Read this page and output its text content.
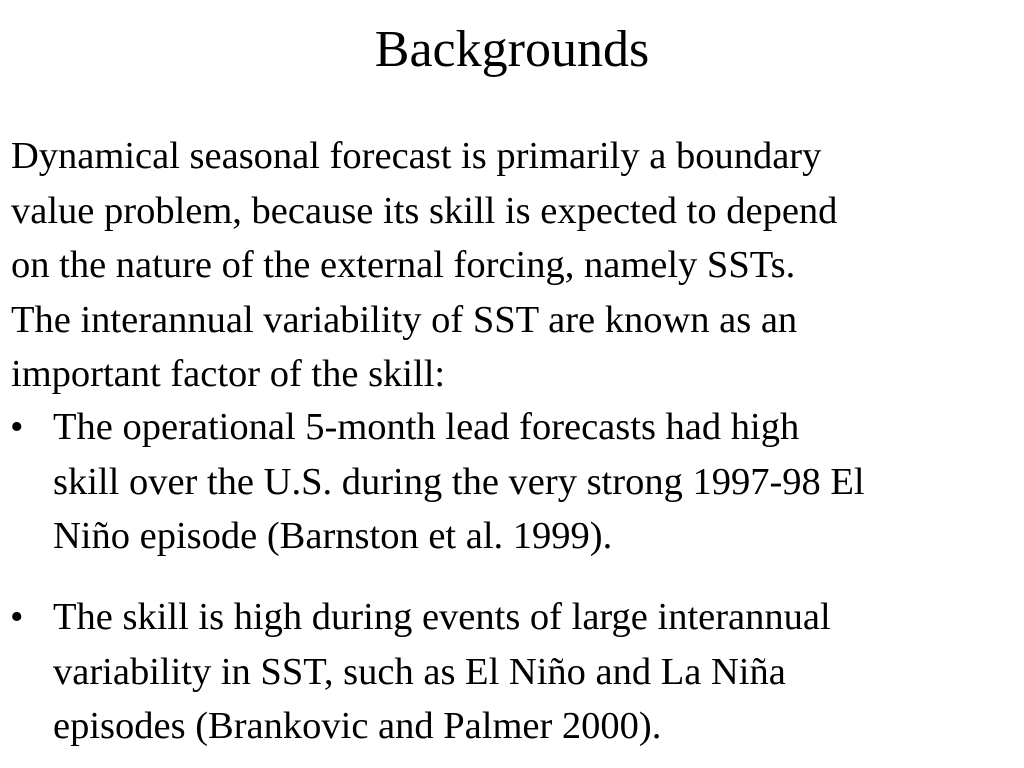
Backgrounds

Dynamical seasonal forecast is primarily a boundary
value problem, because its skill is expected to depend
on the nature of the external forcing, namely SSTs.
The interannual variability of SST are known as an
important factor of the skill:

• The operational 5-month lead forecasts had high
skill over the U.S. during the very strong 1997-98 El
Niño episode (Barnston et al. 1999).
• The skill is high during events of large interannual
variability in SST, such as El Niño and La Niña
episodes (Brankovic and Palmer 2000).
